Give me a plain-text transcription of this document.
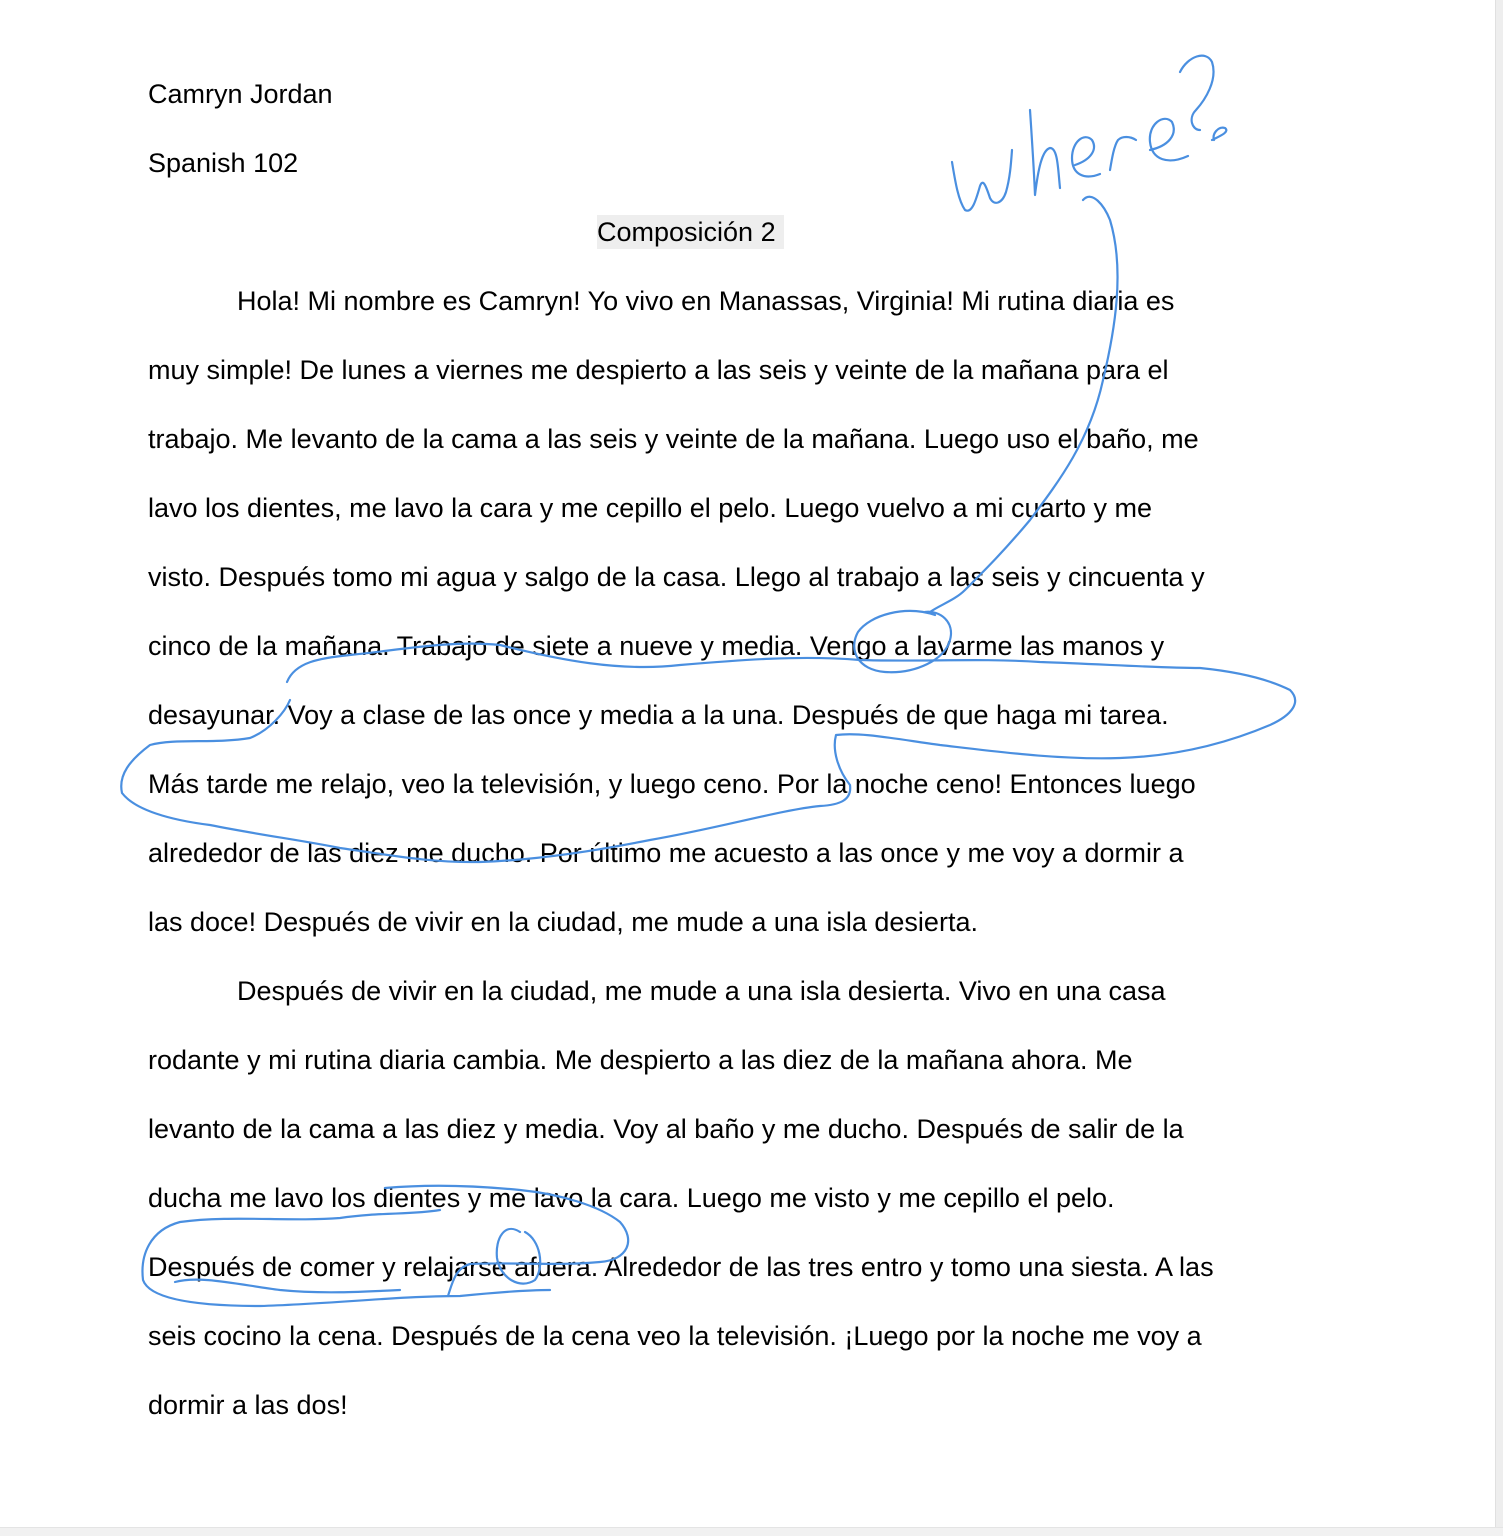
Camryn Jordan

Spanish 102

Composición 2

Hola! Mi nombre es Camryn! Yo vivo en Manassas, Virginia! Mi rutina diaria es

muy simple! De lunes a viernes me despierto a las seis y veinte de la mañana para el

trabajo. Me levanto de la cama a las seis y veinte de la mañana. Luego uso el baño, me

lavo los dientes, me lavo la cara y me cepillo el pelo. Luego vuelvo a mi cuarto y me

visto. Después tomo mi agua y salgo de la casa. Llego al trabajo a las seis y cincuenta y

cinco de la mañana. Trabajo de siete a nueve y media. Vengo a lavarme las manos y

desayunar. Voy a clase de las once y media a la una. Después de que haga mi tarea.

Más tarde me relajo, veo la televisión, y luego ceno. Por la noche ceno! Entonces luego

alrededor de las diez me ducho. Por último me acuesto a las once y me voy a dormir a

las doce! Después de vivir en la ciudad, me mude a una isla desierta.

Después de vivir en la ciudad, me mude a una isla desierta. Vivo en una casa

rodante y mi rutina diaria cambia. Me despierto a las diez de la mañana ahora. Me

levanto de la cama a las diez y media. Voy al baño y me ducho. Después de salir de la

ducha me lavo los dientes y me lavo la cara. Luego me visto y me cepillo el pelo.

Después de comer y relajarse afuera. Alrededor de las tres entro y tomo una siesta. A las

seis cocino la cena. Después de la cena veo la televisión. ¡Luego por la noche me voy a

dormir a las dos!
